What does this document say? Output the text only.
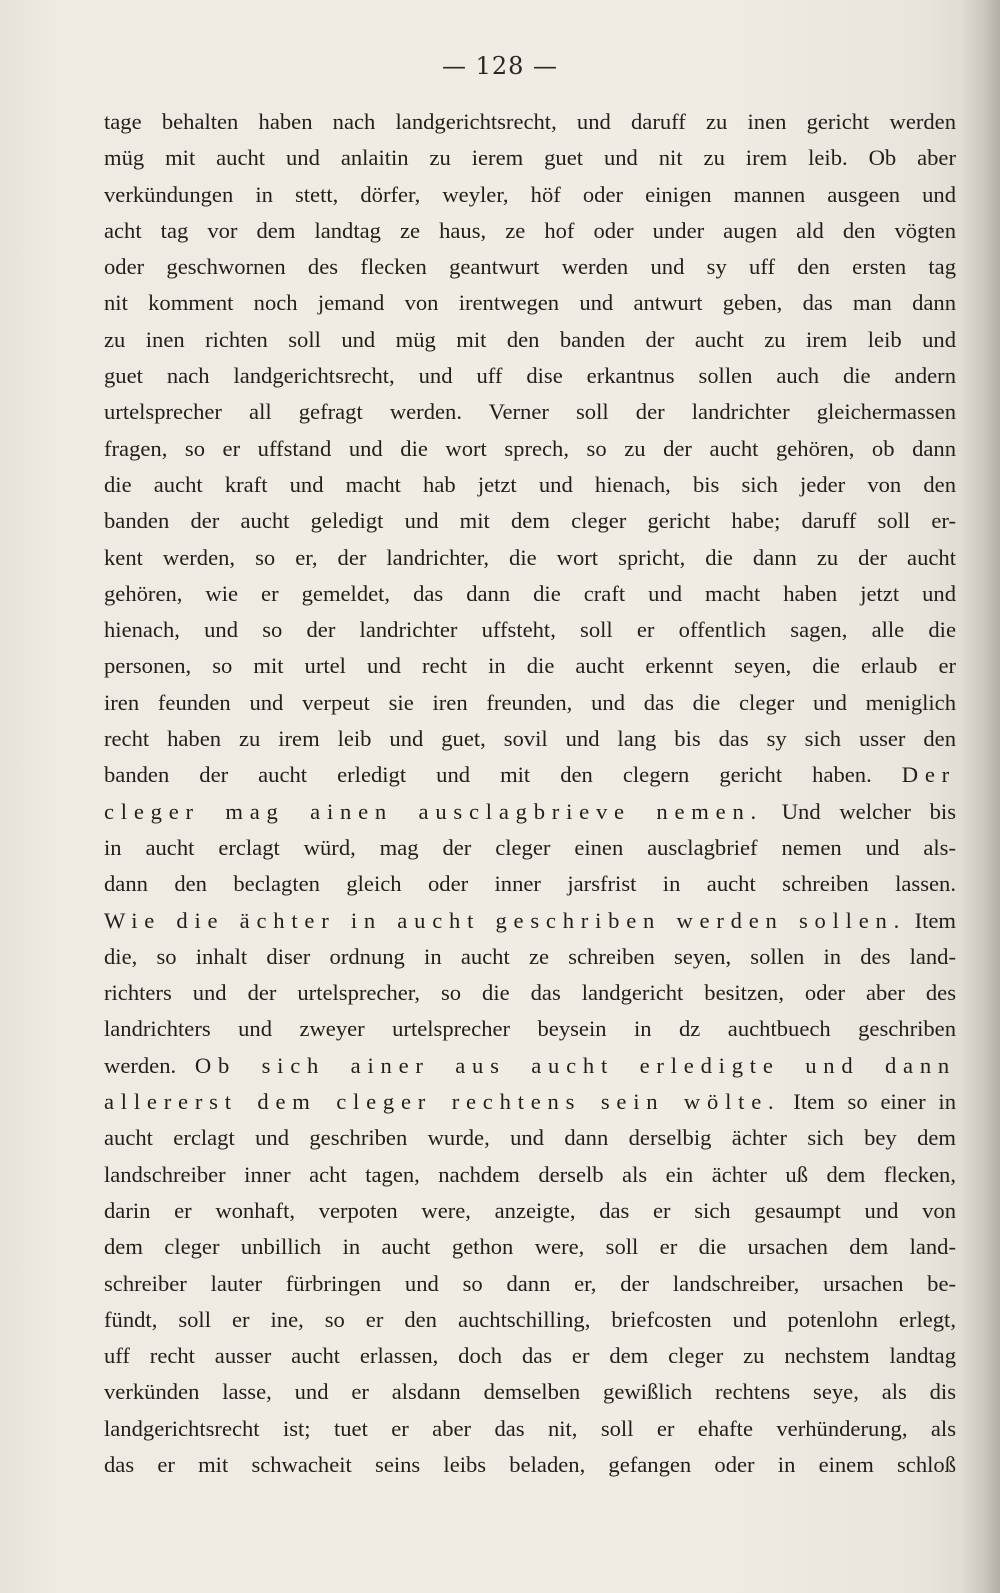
— 128 —
tage behalten haben nach landgerichtsrecht, und daruff zu inen gericht werden
müg mit aucht und anlaitin zu ierem guet und nit zu irem leib. Ob aber
verkündungen in stett, dörfer, weyler, höf oder einigen mannen ausgeen und
acht tag vor dem landtag ze haus, ze hof oder under augen ald den vögten
oder geschwornen des flecken geantwurt werden und sy uff den ersten tag
nit komment noch jemand von irentwegen und antwurt geben, das man dann
zu inen richten soll und müg mit den banden der aucht zu irem leib und
guet nach landgerichtsrecht, und uff dise erkantnus sollen auch die andern
urtelsprecher all gefragt werden. Verner soll der landrichter gleichermassen
fragen, so er uffstand und die wort sprech, so zu der aucht gehören, ob dann
die aucht kraft und macht hab jetzt und hienach, bis sich jeder von den
banden der aucht geledigt und mit dem cleger gericht habe; daruff soll er-
kent werden, so er, der landrichter, die wort spricht, die dann zu der aucht
gehören, wie er gemeldet, das dann die craft und macht haben jetzt und
hienach, und so der landrichter uffsteht, soll er offentlich sagen, alle die
personen, so mit urtel und recht in die aucht erkennt seyen, die erlaub er
iren feunden und verpeut sie iren freunden, und das die cleger und meniglich
recht haben zu irem leib und guet, sovil und lang bis das sy sich usser den
banden der aucht erledigt und mit den clegern gericht haben. Der
cleger mag ainen ausclagbrieve nemen. Und welcher bis
in aucht erclagt würd, mag der cleger einen ausclagbrief nemen und als-
dann den beclagten gleich oder inner jarsfrist in aucht schreiben lassen.
Wie die ächter in aucht geschriben werden sollen. Item
die, so inhalt diser ordnung in aucht ze schreiben seyen, sollen in des land-
richters und der urtelsprecher, so die das landgericht besitzen, oder aber des
landrichters und zweyer urtelsprecher beysein in dz auchtbuech geschriben
werden. Ob sich ainer aus aucht erledigte und dann
allererst dem cleger rechtens sein wölte. Item so einer in
aucht erclagt und geschriben wurde, und dann derselbig ächter sich bey dem
landschreiber inner acht tagen, nachdem derselb als ein ächter uß dem flecken,
darin er wonhaft, verpoten were, anzeigte, das er sich gesaumpt und von
dem cleger unbillich in aucht gethon were, soll er die ursachen dem land-
schreiber lauter fürbringen und so dann er, der landschreiber, ursachen be-
fündt, soll er ine, so er den auchtschilling, briefcosten und potenlohn erlegt,
uff recht ausser aucht erlassen, doch das er dem cleger zu nechstem landtag
verkünden lasse, und er alsdann demselben gewißlich rechtens seye, als dis
landgerichtsrecht ist; tuet er aber das nit, soll er ehafte verhünderung, als
das er mit schwacheit seins leibs beladen, gefangen oder in einem schloß
